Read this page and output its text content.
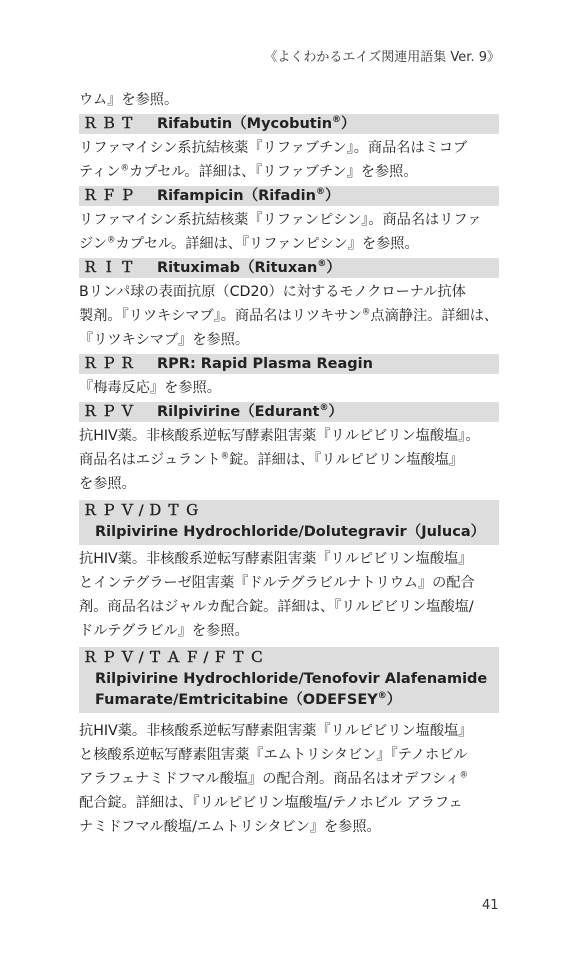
《よくわかるエイズ関連用語集 Ver. 9》
ウム』を参照。
ＲＢＴ Rifabutin（Mycobutin®）
リファマイシン系抗結核薬『リファブチン』。商品名はミコブ
ティン®カプセル。詳細は、『リファブチン』を参照。
ＲＦＰ Rifampicin（Rifadin®）
リファマイシン系抗結核薬『リファンピシン』。商品名はリファ
ジン®カプセル。詳細は、『リファンピシン』を参照。
ＲＩＴ Rituximab（Rituxan®）
Bリンパ球の表面抗原（CD20）に対するモノクローナル抗体
製剤。『リツキシマブ』。商品名はリツキサン®点滴静注。詳細は、
『リツキシマブ』を参照。
ＲＰＲ RPR: Rapid Plasma Reagin
『梅毒反応』を参照。
ＲＰＶ Rilpivirine（Edurant®）
抗HIV薬。非核酸系逆転写酵素阻害薬『リルピビリン塩酸塩』。
商品名はエジュラント®錠。詳細は、『リルピビリン塩酸塩』
を参照。
ＲＰＶ/ＤＴＧ
Rilpivirine Hydrochloride/Dolutegravir（Juluca）
抗HIV薬。非核酸系逆転写酵素阻害薬『リルピビリン塩酸塩』
とインテグラーゼ阻害薬『ドルテグラビルナトリウム』の配合
剤。商品名はジャルカ配合錠。詳細は、『リルピビリン塩酸塩/
ドルテグラビル』を参照。
ＲＰＶ/ＴＡＦ/ＦＴＣ
Rilpivirine Hydrochloride/Tenofovir Alafenamide
Fumarate/Emtricitabine（ODEFSEY®）
抗HIV薬。非核酸系逆転写酵素阻害薬『リルピビリン塩酸塩』
と核酸系逆転写酵素阻害薬『エムトリシタビン』『テノホビル
アラフェナミドフマル酸塩』の配合剤。商品名はオデフシィ®
配合錠。詳細は、『リルピビリン塩酸塩/テノホビル アラフェ
ナミドフマル酸塩/エムトリシタビン』を参照。
41
